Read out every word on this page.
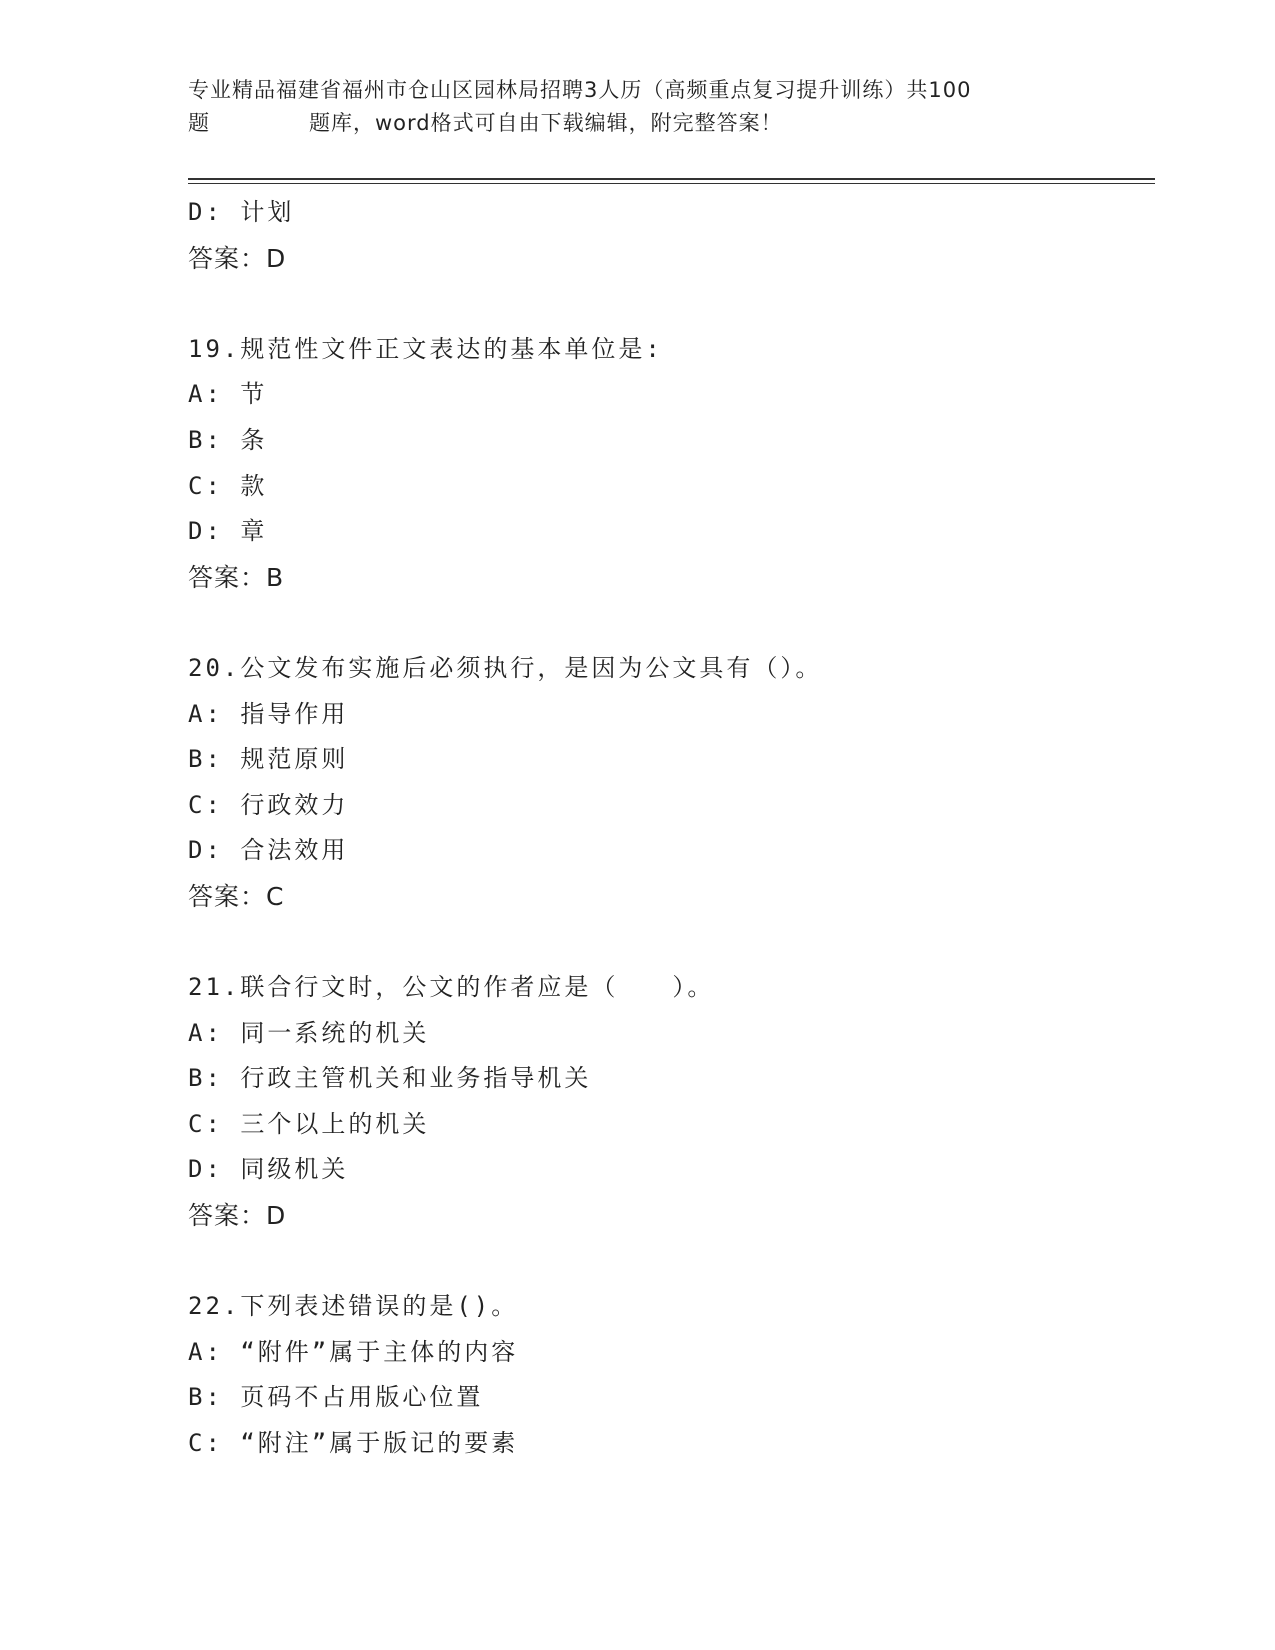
专业精品福建省福州市仓山区园林局招聘3人历（高频重点复习提升训练）共100
题	题库，word格式可自由下载编辑，附完整答案！
D: 计划
答案：D
19.规范性文件正文表达的基本单位是:
A: 节
B: 条
C: 款
D: 章
答案：B
20.公文发布实施后必须执行，是因为公文具有（）。
A: 指导作用
B: 规范原则
C: 行政效力
D: 合法效用
答案：C
21.联合行文时，公文的作者应是（　　）。
A: 同一系统的机关
B: 行政主管机关和业务指导机关
C: 三个以上的机关
D: 同级机关
答案：D
22.下列表述错误的是()。
A: “附件”属于主体的内容
B: 页码不占用版心位置
C: “附注”属于版记的要素
